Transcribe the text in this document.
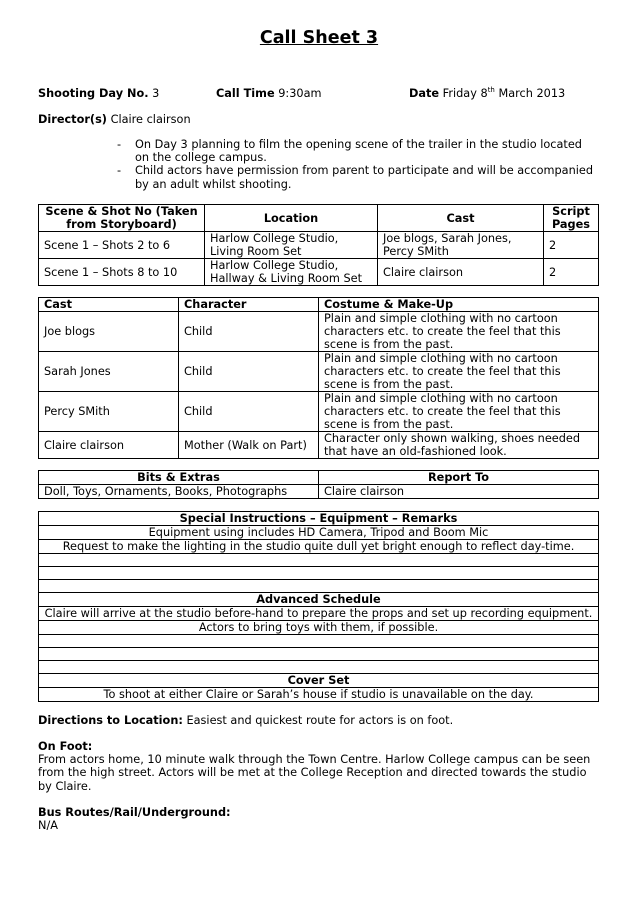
Call Sheet 3
Shooting Day No. 3	Call Time 9:30am	Date Friday 8th March 2013
Director(s) Claire clairson
- On Day 3 planning to film the opening scene of the trailer in the studio located on the college campus.
- Child actors have permission from parent to participate and will be accompanied by an adult whilst shooting.
Scene & Shot No (Taken from Storyboard)	Location	Cast	Script Pages
Scene 1 – Shots 2 to 6	Harlow College Studio, Living Room Set	Joe blogs, Sarah Jones, Percy SMith	2
Scene 1 – Shots 8 to 10	Harlow College Studio, Hallway & Living Room Set	Claire clairson	2
Cast	Character	Costume & Make-Up
Joe blogs	Child	Plain and simple clothing with no cartoon characters etc. to create the feel that this scene is from the past.
Sarah Jones	Child	Plain and simple clothing with no cartoon characters etc. to create the feel that this scene is from the past.
Percy SMith	Child	Plain and simple clothing with no cartoon characters etc. to create the feel that this scene is from the past.
Claire clairson	Mother (Walk on Part)	Character only shown walking, shoes needed that have an old-fashioned look.
Bits & Extras	Report To
Doll, Toys, Ornaments, Books, Photographs	Claire clairson
Special Instructions – Equipment – Remarks
Equipment using includes HD Camera, Tripod and Boom Mic
Request to make the lighting in the studio quite dull yet bright enough to reflect day-time.

Advanced Schedule
Claire will arrive at the studio before-hand to prepare the props and set up recording equipment.
Actors to bring toys with them, if possible.

Cover Set
To shoot at either Claire or Sarah’s house if studio is unavailable on the day.
Directions to Location: Easiest and quickest route for actors is on foot.
On Foot:
From actors home, 10 minute walk through the Town Centre. Harlow College campus can be seen from the high street. Actors will be met at the College Reception and directed towards the studio by Claire.
Bus Routes/Rail/Underground:
N/A
